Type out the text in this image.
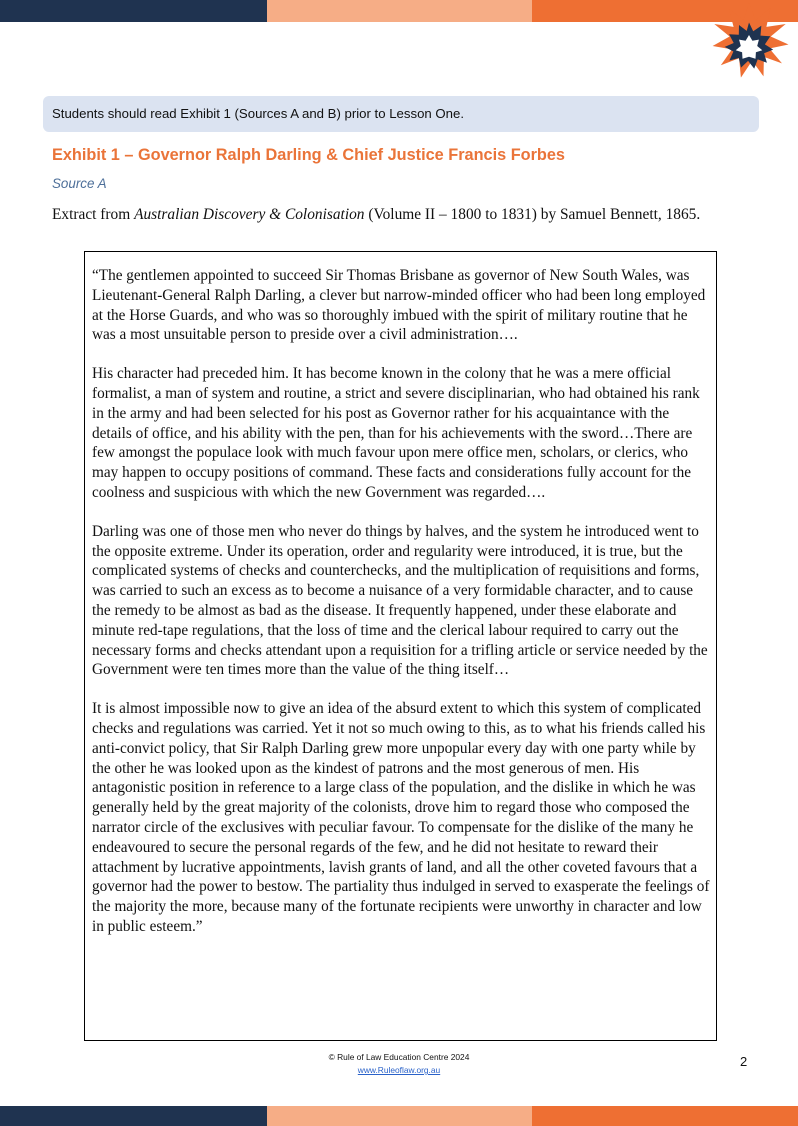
Students should read Exhibit 1 (Sources A and B) prior to Lesson One.
Exhibit 1 – Governor Ralph Darling & Chief Justice Francis Forbes
Source A
Extract from Australian Discovery & Colonisation (Volume II – 1800 to 1831) by Samuel Bennett, 1865.

“The gentlemen appointed to succeed Sir Thomas Brisbane as governor of New South Wales, was Lieutenant-General Ralph Darling, a clever but narrow-minded officer who had been long employed at the Horse Guards, and who was so thoroughly imbued with the spirit of military routine that he was a most unsuitable person to preside over a civil administration….

His character had preceded him. It has become known in the colony that he was a mere official formalist, a man of system and routine, a strict and severe disciplinarian, who had obtained his rank in the army and had been selected for his post as Governor rather for his acquaintance with the details of office, and his ability with the pen, than for his achievements with the sword…There are few amongst the populace look with much favour upon mere office men, scholars, or clerics, who may happen to occupy positions of command. These facts and considerations fully account for the coolness and suspicious with which the new Government was regarded….

Darling was one of those men who never do things by halves, and the system he introduced went to the opposite extreme. Under its operation, order and regularity were introduced, it is true, but the complicated systems of checks and counterchecks, and the multiplication of requisitions and forms, was carried to such an excess as to become a nuisance of a very formidable character, and to cause the remedy to be almost as bad as the disease. It frequently happened, under these elaborate and minute red-tape regulations, that the loss of time and the clerical labour required to carry out the necessary forms and checks attendant upon a requisition for a trifling article or service needed by the Government were ten times more than the value of the thing itself…

It is almost impossible now to give an idea of the absurd extent to which this system of complicated checks and regulations was carried. Yet it not so much owing to this, as to what his friends called his anti-convict policy, that Sir Ralph Darling grew more unpopular every day with one party while by the other he was looked upon as the kindest of patrons and the most generous of men. His antagonistic position in reference to a large class of the population, and the dislike in which he was generally held by the great majority of the colonists, drove him to regard those who composed the narrator circle of the exclusives with peculiar favour. To compensate for the dislike of the many he endeavoured to secure the personal regards of the few, and he did not hesitate to reward their attachment by lucrative appointments, lavish grants of land, and all the other coveted favours that a governor had the power to bestow. The partiality thus indulged in served to exasperate the feelings of the majority the more, because many of the fortunate recipients were unworthy in character and low in public esteem.”

© Rule of Law Education Centre 2024
www.Ruleoflaw.org.au
2
